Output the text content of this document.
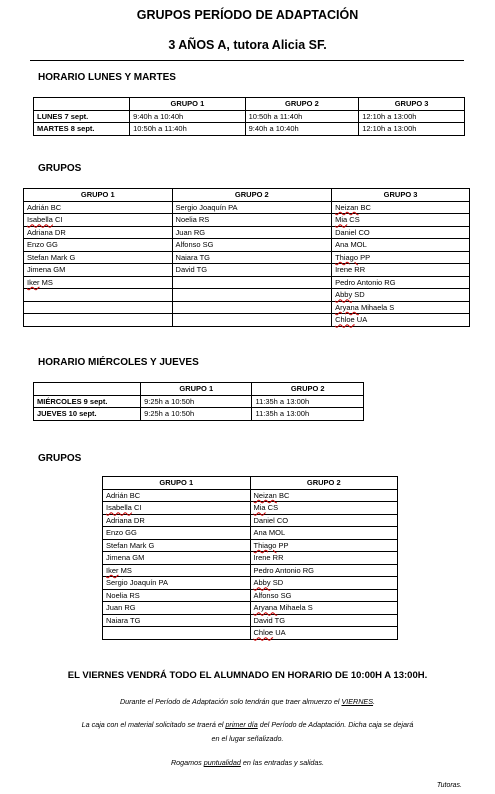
GRUPOS PERÍODO DE ADAPTACIÓN
3 AÑOS A, tutora Alicia SF.
HORARIO LUNES Y MARTES
	GRUPO 1	GRUPO 2	GRUPO 3
LUNES 7 sept.	9:40h a 10:40h	10:50h a 11:40h	12:10h a 13:00h
MARTES 8 sept.	10:50h a 11:40h	9:40h a 10:40h	12:10h a 13:00h
GRUPOS
GRUPO 1	GRUPO 2	GRUPO 3
Adrián BC	Sergio Joaquín PA	Neizan BC
Isabella CI	Noelia RS	Mia CS
Adriana DR	Juan RG	Daniel CO
Enzo GG	Alfonso SG	Ana MOL
Stefan Mark G	Naiara TG	Thiago PP
Jimena GM	David TG	Irene RR
Iker MS		Pedro Antonio RG
		Abby SD
		Aryana Mihaela S
		Chloe UA
HORARIO MIÉRCOLES Y JUEVES
	GRUPO 1	GRUPO 2
MIÉRCOLES 9 sept.	9:25h a 10:50h	11:35h a 13:00h
JUEVES 10 sept.	9:25h a 10:50h	11:35h a 13:00h
GRUPOS
GRUPO 1	GRUPO 2
Adrián BC	Neizan BC
Isabella CI	Mia CS
Adriana DR	Daniel CO
Enzo GG	Ana MOL
Stefan Mark G	Thiago PP
Jimena GM	Irene RR
Iker MS	Pedro Antonio RG
Sergio Joaquín PA	Abby SD
Noelia RS	Alfonso SG
Juan RG	Aryana Mihaela S
Naiara TG	David TG
	Chloe UA
EL VIERNES VENDRÁ TODO EL ALUMNADO EN HORARIO DE 10:00H A 13:00H.
Durante el Período de Adaptación solo tendrán que traer almuerzo el VIERNES.
La caja con el material solicitado se traerá el primer día del Período de Adaptación. Dicha caja se dejará
en el lugar señalizado.
Rogamos puntualidad en las entradas y salidas.
Tutoras.
